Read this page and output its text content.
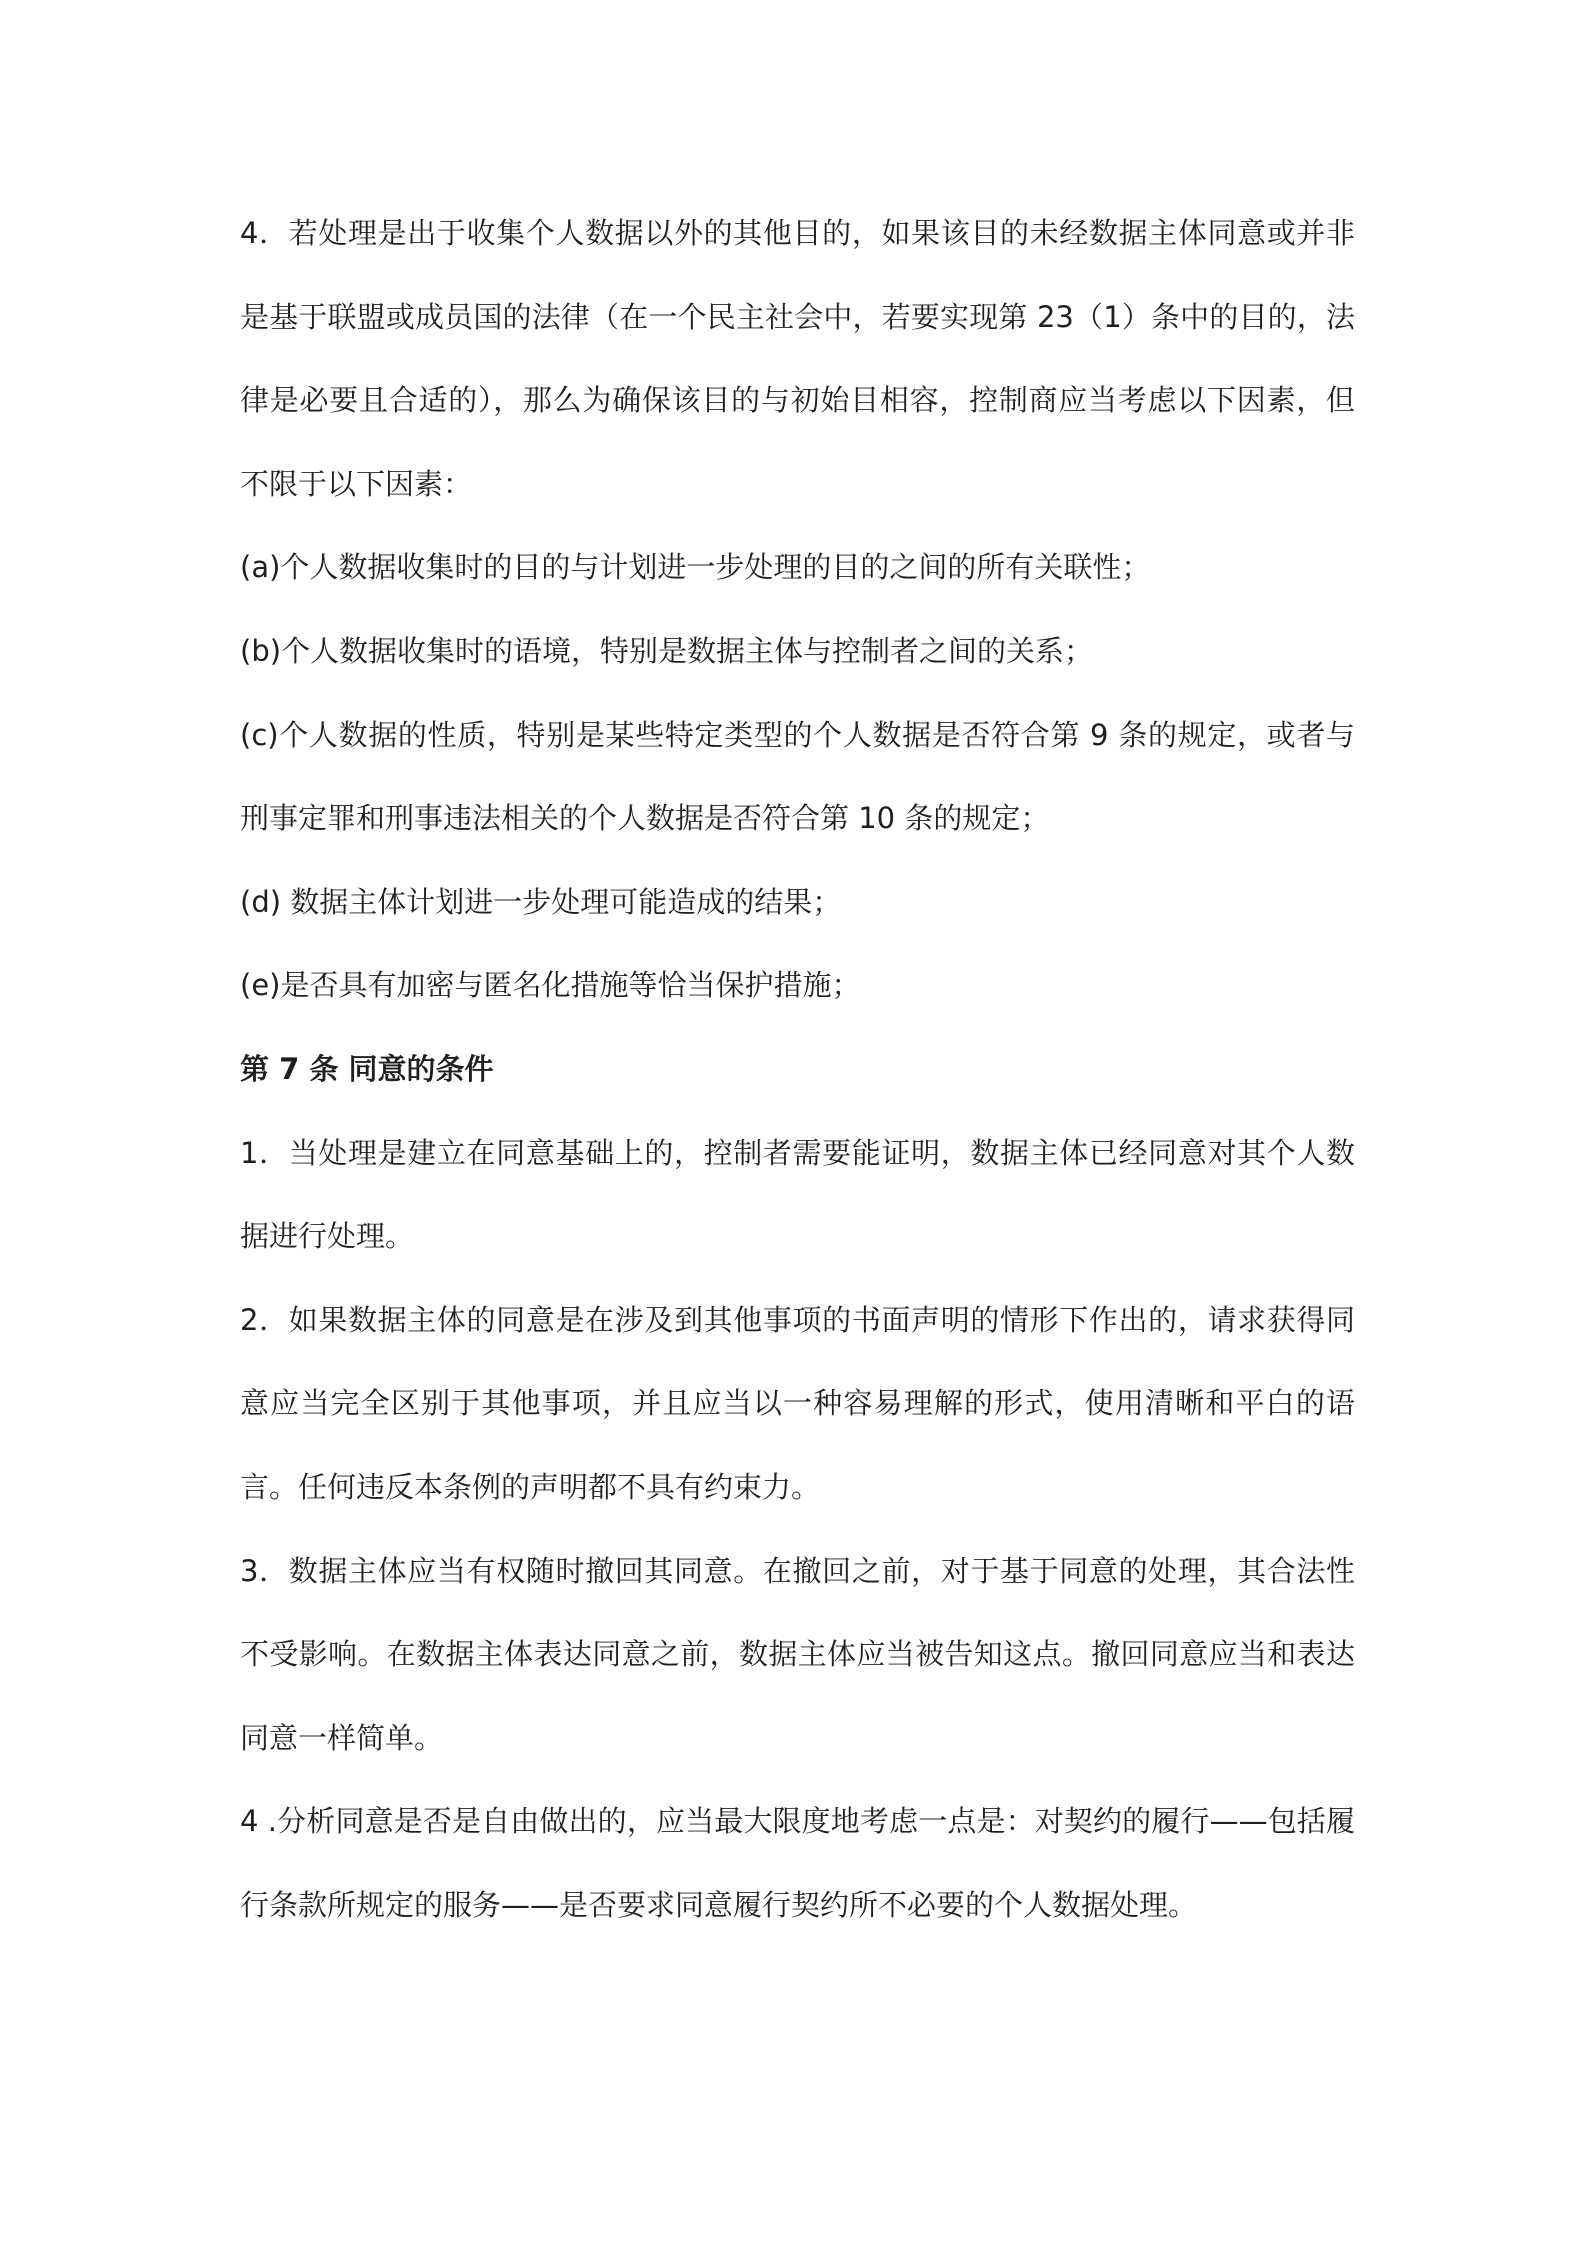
4．若处理是出于收集个人数据以外的其他目的，如果该目的未经数据主体同意或并非是基于联盟或成员国的法律（在一个民主社会中，若要实现第 23（1）条中的目的，法律是必要且合适的），那么为确保该目的与初始目相容，控制商应当考虑以下因素，但不限于以下因素：

(a)个人数据收集时的目的与计划进一步处理的目的之间的所有关联性；

(b)个人数据收集时的语境，特别是数据主体与控制者之间的关系；

(c)个人数据的性质，特别是某些特定类型的个人数据是否符合第 9 条的规定，或者与刑事定罪和刑事违法相关的个人数据是否符合第 10 条的规定；

(d) 数据主体计划进一步处理可能造成的结果；

(e)是否具有加密与匿名化措施等恰当保护措施；

第 7 条 同意的条件

1．当处理是建立在同意基础上的，控制者需要能证明，数据主体已经同意对其个人数据进行处理。

2．如果数据主体的同意是在涉及到其他事项的书面声明的情形下作出的，请求获得同意应当完全区别于其他事项，并且应当以一种容易理解的形式，使用清晰和平白的语言。任何违反本条例的声明都不具有约束力。

3．数据主体应当有权随时撤回其同意。在撤回之前，对于基于同意的处理，其合法性不受影响。在数据主体表达同意之前，数据主体应当被告知这点。撤回同意应当和表达同意一样简单。

4 .分析同意是否是自由做出的，应当最大限度地考虑一点是：对契约的履行——包括履行条款所规定的服务——是否要求同意履行契约所不必要的个人数据处理。
